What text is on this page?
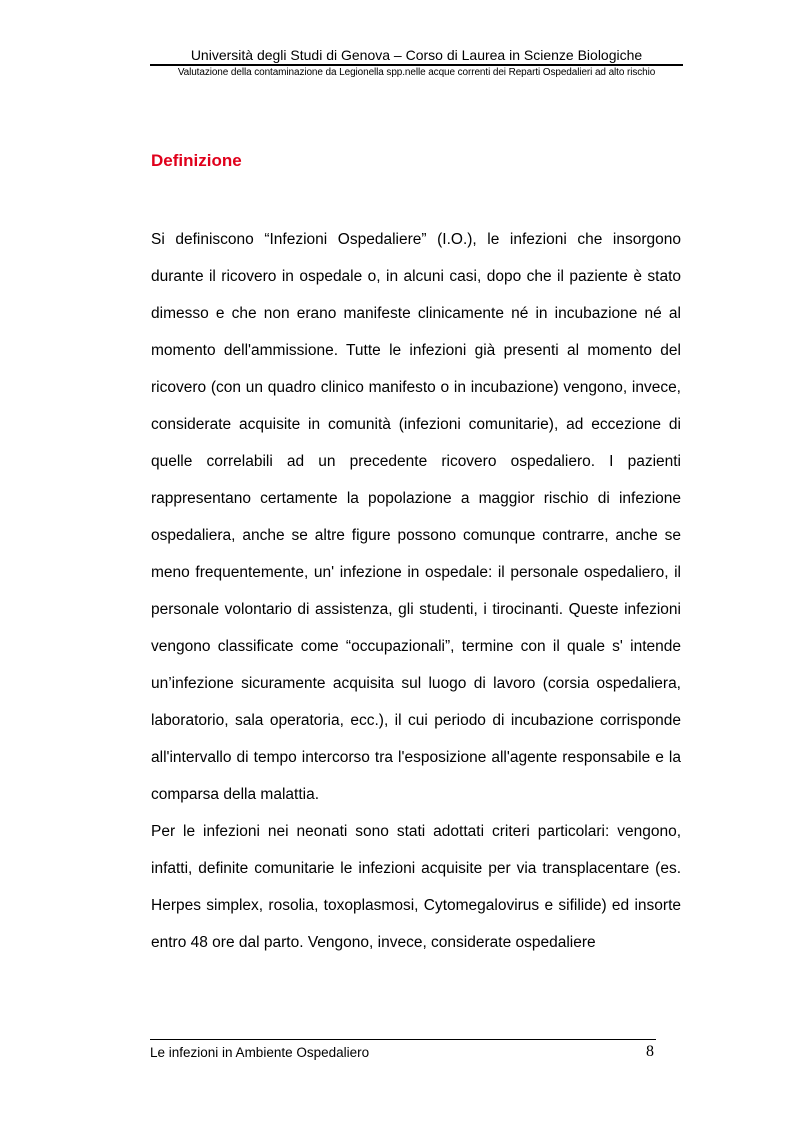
Università degli Studi di Genova – Corso di Laurea in Scienze Biologiche
Valutazione della contaminazione da Legionella spp.nelle acque correnti dei Reparti Ospedalieri ad alto rischio
Definizione

Si definiscono “Infezioni Ospedaliere” (I.O.), le infezioni che insorgono durante il ricovero in ospedale o, in alcuni casi, dopo che il paziente è stato dimesso e che non erano manifeste clinicamente né in incubazione né al momento dell'ammissione. Tutte le infezioni già presenti al momento del ricovero (con un quadro clinico manifesto o in incubazione) vengono, invece, considerate acquisite in comunità (infezioni comunitarie), ad eccezione di quelle correlabili ad un precedente ricovero ospedaliero. I pazienti rappresentano certamente la popolazione a maggior rischio di infezione ospedaliera, anche se altre figure possono comunque contrarre, anche se meno frequentemente, un' infezione in ospedale: il personale ospedaliero, il personale volontario di assistenza, gli studenti, i tirocinanti. Queste infezioni vengono classificate come “occupazionali”, termine con il quale s' intende un’infezione sicuramente acquisita sul luogo di lavoro (corsia ospedaliera, laboratorio, sala operatoria, ecc.), il cui periodo di incubazione corrisponde all'intervallo di tempo intercorso tra l'esposizione all'agente responsabile e la comparsa della malattia.

Per le infezioni nei neonati sono stati adottati criteri particolari: vengono, infatti, definite comunitarie le infezioni acquisite per via transplacentare (es. Herpes simplex, rosolia, toxoplasmosi, Cytomegalovirus e sifilide) ed insorte entro 48 ore dal parto. Vengono, invece, considerate ospedaliere

Le infezioni in Ambiente Ospedaliero	8
